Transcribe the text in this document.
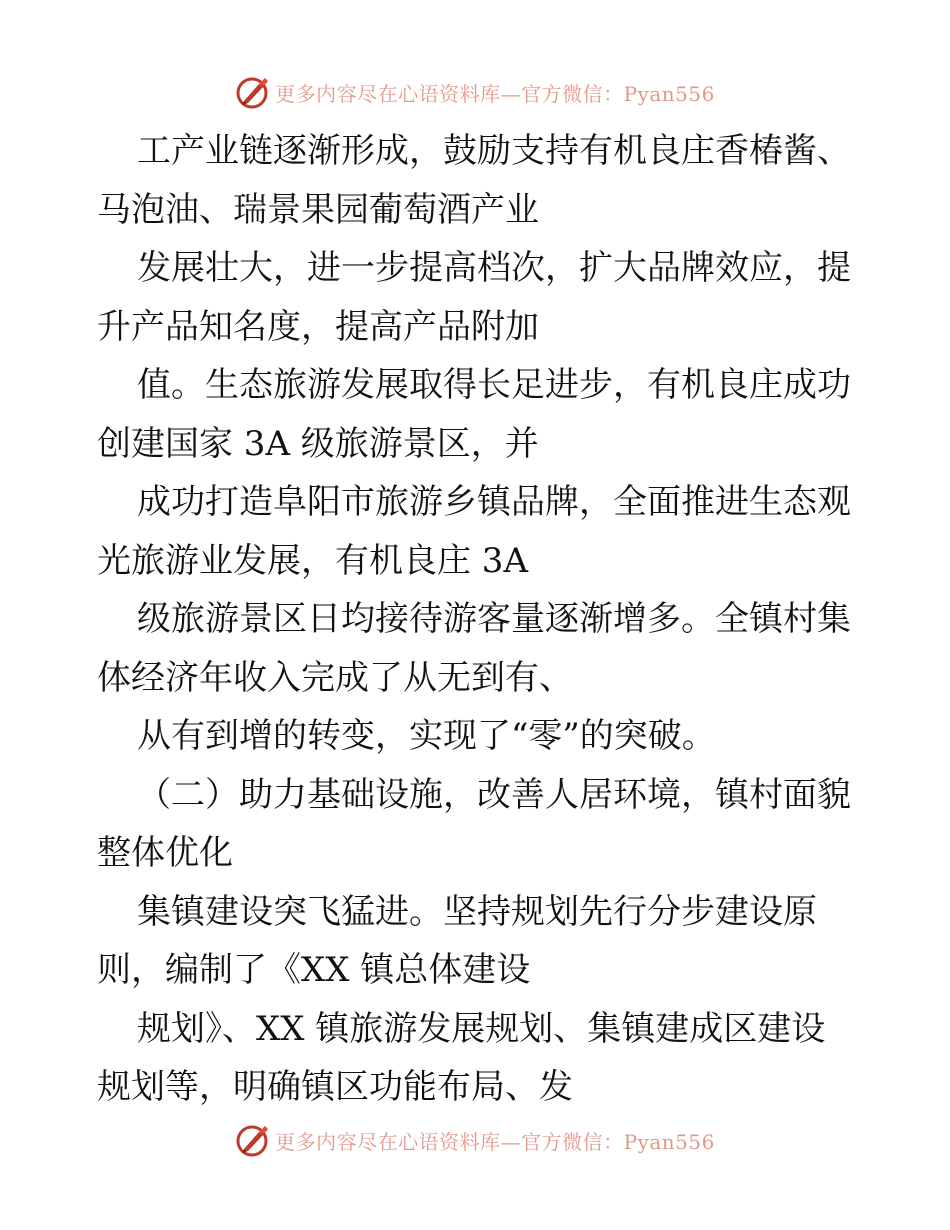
更多内容尽在心语资料库—官方微信：Pyan556
工产业链逐渐形成，鼓励支持有机良庄香椿酱、
马泡油、瑞景果园葡萄酒产业
发展壮大，进一步提高档次，扩大品牌效应，提
升产品知名度，提高产品附加
值。生态旅游发展取得长足进步，有机良庄成功
创建国家 3A 级旅游景区，并
成功打造阜阳市旅游乡镇品牌，全面推进生态观
光旅游业发展，有机良庄 3A
级旅游景区日均接待游客量逐渐增多。全镇村集
体经济年收入完成了从无到有、
从有到增的转变，实现了“零”的突破。
（二）助力基础设施，改善人居环境，镇村面貌
整体优化
集镇建设突飞猛进。坚持规划先行分步建设原
则，编制了《XX 镇总体建设
规划》、XX 镇旅游发展规划、集镇建成区建设
规划等，明确镇区功能布局、发
更多内容尽在心语资料库—官方微信：Pyan556
